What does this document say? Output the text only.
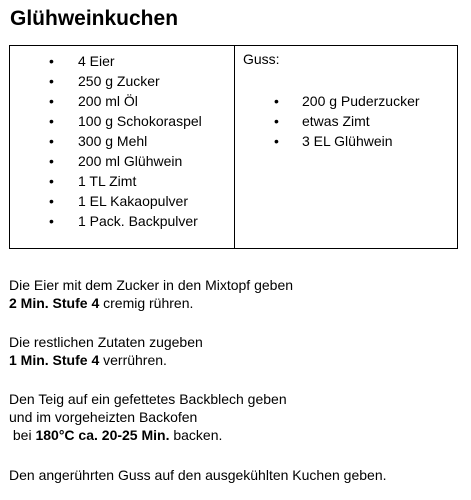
Glühweinkuchen
• 4 Eier
• 250 g Zucker
• 200 ml Öl
• 100 g Schokoraspel
• 300 g Mehl
• 200 ml Glühwein
• 1 TL Zimt
• 1 EL Kakaopulver
• 1 Pack. Backpulver
Guss:
• 200 g Puderzucker
• etwas Zimt
• 3 EL Glühwein

Die Eier mit dem Zucker in den Mixtopf geben
2 Min. Stufe 4 cremig rühren.

Die restlichen Zutaten zugeben
1 Min. Stufe 4 verrühren.

Den Teig auf ein gefettetes Backblech geben
und im vorgeheizten Backofen
bei 180°C ca. 20-25 Min. backen.

Den angerührten Guss auf den ausgekühlten Kuchen geben.
